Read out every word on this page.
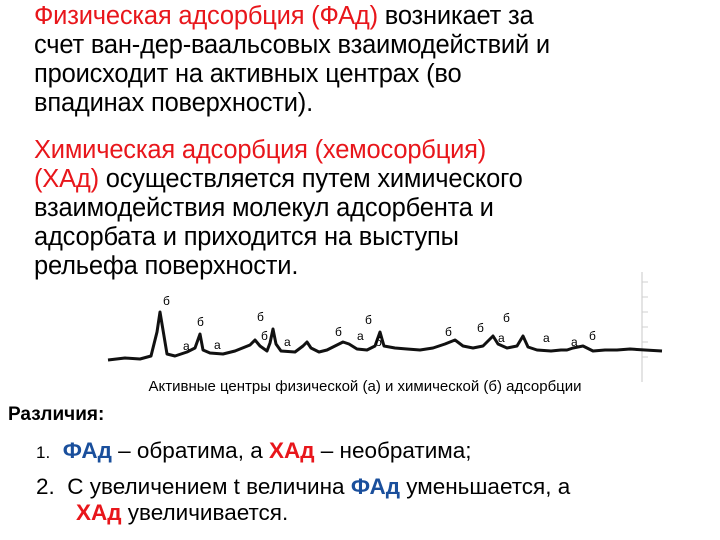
Физическая адсорбция (ФАд) возникает за
счет ван-дер-ваальсовых взаимодействий и
происходит на активных центрах (во
впадинах поверхности).
Химическая адсорбция (хемосорбция)
(ХАд) осуществляется путем химического
взаимодействия молекул адсорбента и
адсорбата и приходится на выступы
рельефа поверхности.
б
б
а а
б
а
б	б
б
а б
б б
б
а	а	б
а
Активные центры физической (а) и химической (б) адсорбции
Различия:
1. ФАд – обратима, а ХАд – необратима;
2. С увеличением t величина ФАд уменьшается, а
ХАд увеличивается.
